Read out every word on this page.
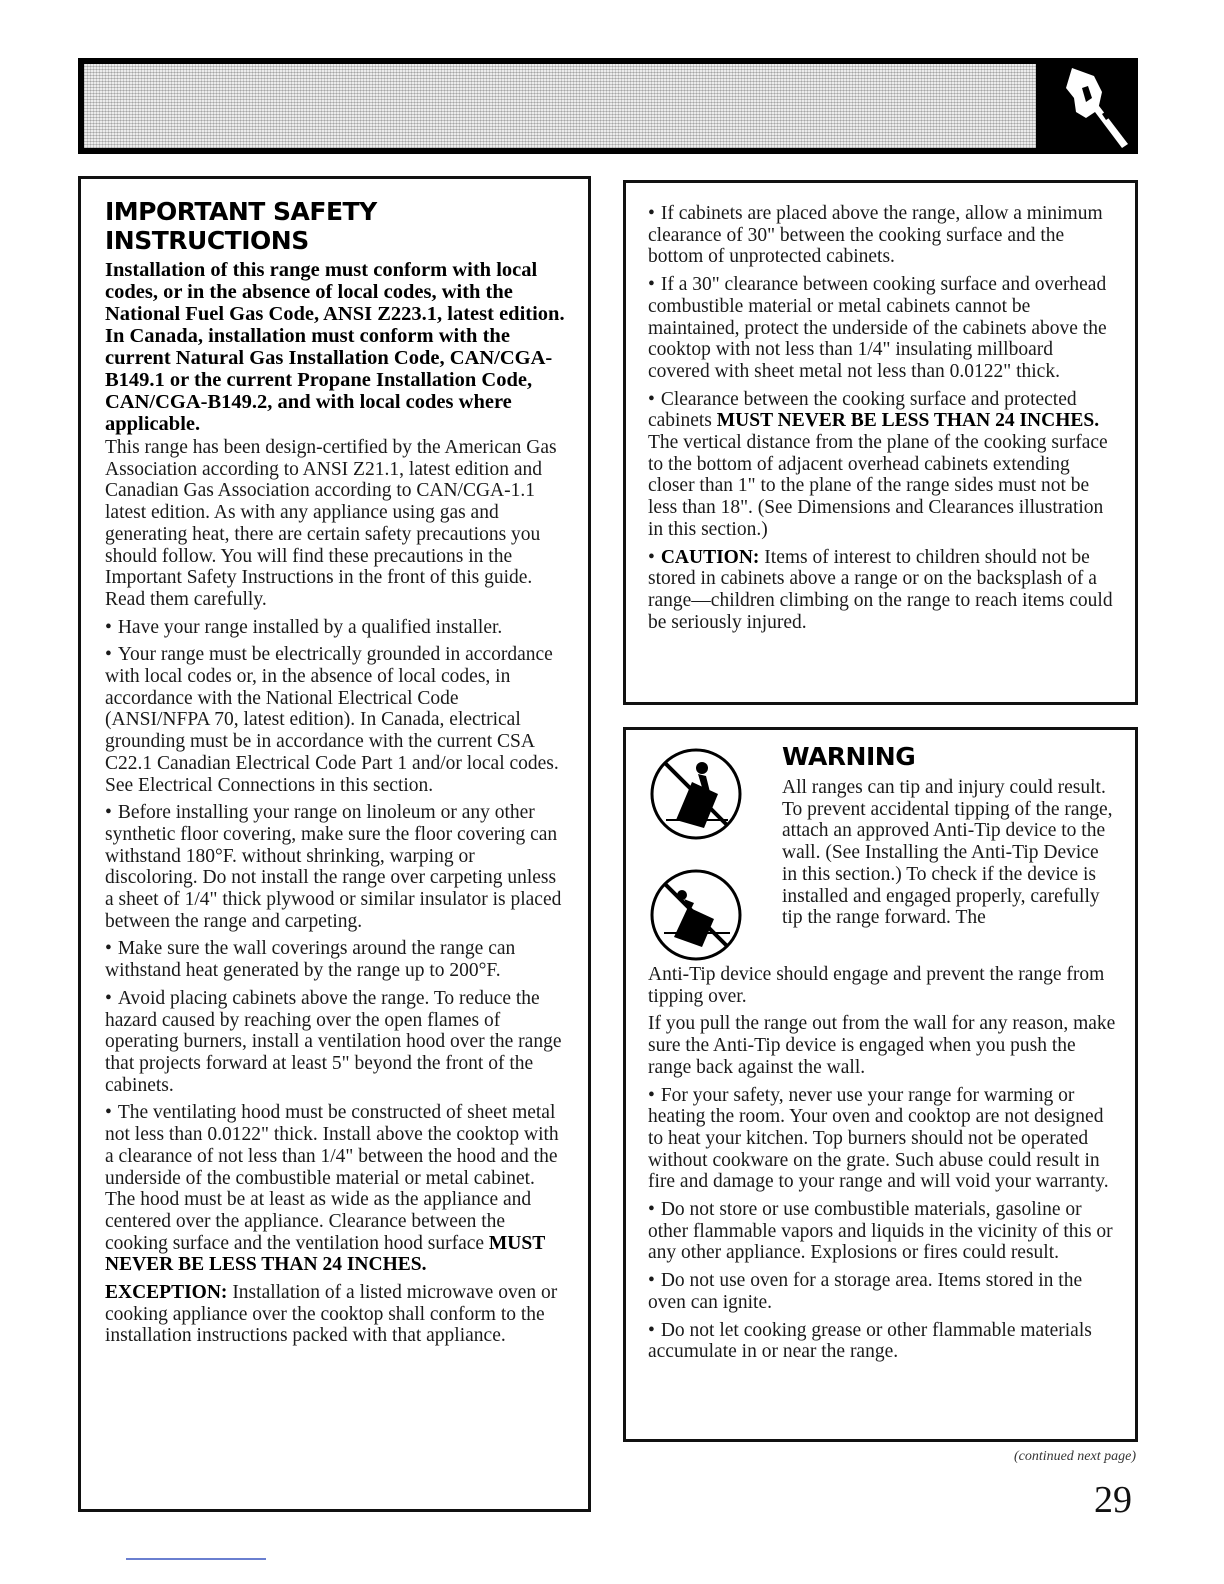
IMPORTANT SAFETY INSTRUCTIONS
Installation of this range must conform with local codes, or in the absence of local codes, with the National Fuel Gas Code, ANSI Z223.1, latest edition. In Canada, installation must conform with the current Natural Gas Installation Code, CAN/CGA-B149.1 or the current Propane Installation Code, CAN/CGA-B149.2, and with local codes where applicable.

This range has been design-certified by the American Gas Association according to ANSI Z21.1, latest edition and Canadian Gas Association according to CAN/CGA-1.1 latest edition. As with any appliance using gas and generating heat, there are certain safety precautions you should follow. You will find these precautions in the Important Safety Instructions in the front of this guide. Read them carefully.

• Have your range installed by a qualified installer.

• Your range must be electrically grounded in accordance with local codes or, in the absence of local codes, in accordance with the National Electrical Code (ANSI/NFPA 70, latest edition). In Canada, electrical grounding must be in accordance with the current CSA C22.1 Canadian Electrical Code Part 1 and/or local codes. See Electrical Connections in this section.

• Before installing your range on linoleum or any other synthetic floor covering, make sure the floor covering can withstand 180°F. without shrinking, warping or discoloring. Do not install the range over carpeting unless a sheet of 1/4" thick plywood or similar insulator is placed between the range and carpeting.

• Make sure the wall coverings around the range can withstand heat generated by the range up to 200°F.

• Avoid placing cabinets above the range. To reduce the hazard caused by reaching over the open flames of operating burners, install a ventilation hood over the range that projects forward at least 5" beyond the front of the cabinets.

• The ventilating hood must be constructed of sheet metal not less than 0.0122" thick. Install above the cooktop with a clearance of not less than 1/4" between the hood and the underside of the combustible material or metal cabinet. The hood must be at least as wide as the appliance and centered over the appliance. Clearance between the cooking surface and the ventilation hood surface MUST NEVER BE LESS THAN 24 INCHES.

EXCEPTION: Installation of a listed microwave oven or cooking appliance over the cooktop shall conform to the installation instructions packed with that appliance.

• If cabinets are placed above the range, allow a minimum clearance of 30" between the cooking surface and the bottom of unprotected cabinets.

• If a 30" clearance between cooking surface and overhead combustible material or metal cabinets cannot be maintained, protect the underside of the cabinets above the cooktop with not less than 1/4" insulating millboard covered with sheet metal not less than 0.0122" thick.

• Clearance between the cooking surface and protected cabinets MUST NEVER BE LESS THAN 24 INCHES. The vertical distance from the plane of the cooking surface to the bottom of adjacent overhead cabinets extending closer than 1" to the plane of the range sides must not be less than 18". (See Dimensions and Clearances illustration in this section.)

• CAUTION: Items of interest to children should not be stored in cabinets above a range or on the backsplash of a range—children climbing on the range to reach items could be seriously injured.

WARNING

All ranges can tip and injury could result. To prevent accidental tipping of the range, attach an approved Anti-Tip device to the wall. (See Installing the Anti-Tip Device in this section.) To check if the device is installed and engaged properly, carefully tip the range forward. The

Anti-Tip device should engage and prevent the range from tipping over.

If you pull the range out from the wall for any reason, make sure the Anti-Tip device is engaged when you push the range back against the wall.

• For your safety, never use your range for warming or heating the room. Your oven and cooktop are not designed to heat your kitchen. Top burners should not be operated without cookware on the grate. Such abuse could result in fire and damage to your range and will void your warranty.

• Do not store or use combustible materials, gasoline or other flammable vapors and liquids in the vicinity of this or any other appliance. Explosions or fires could result.

• Do not use oven for a storage area. Items stored in the oven can ignite.

• Do not let cooking grease or other flammable materials accumulate in or near the range.

(continued next page)
29
